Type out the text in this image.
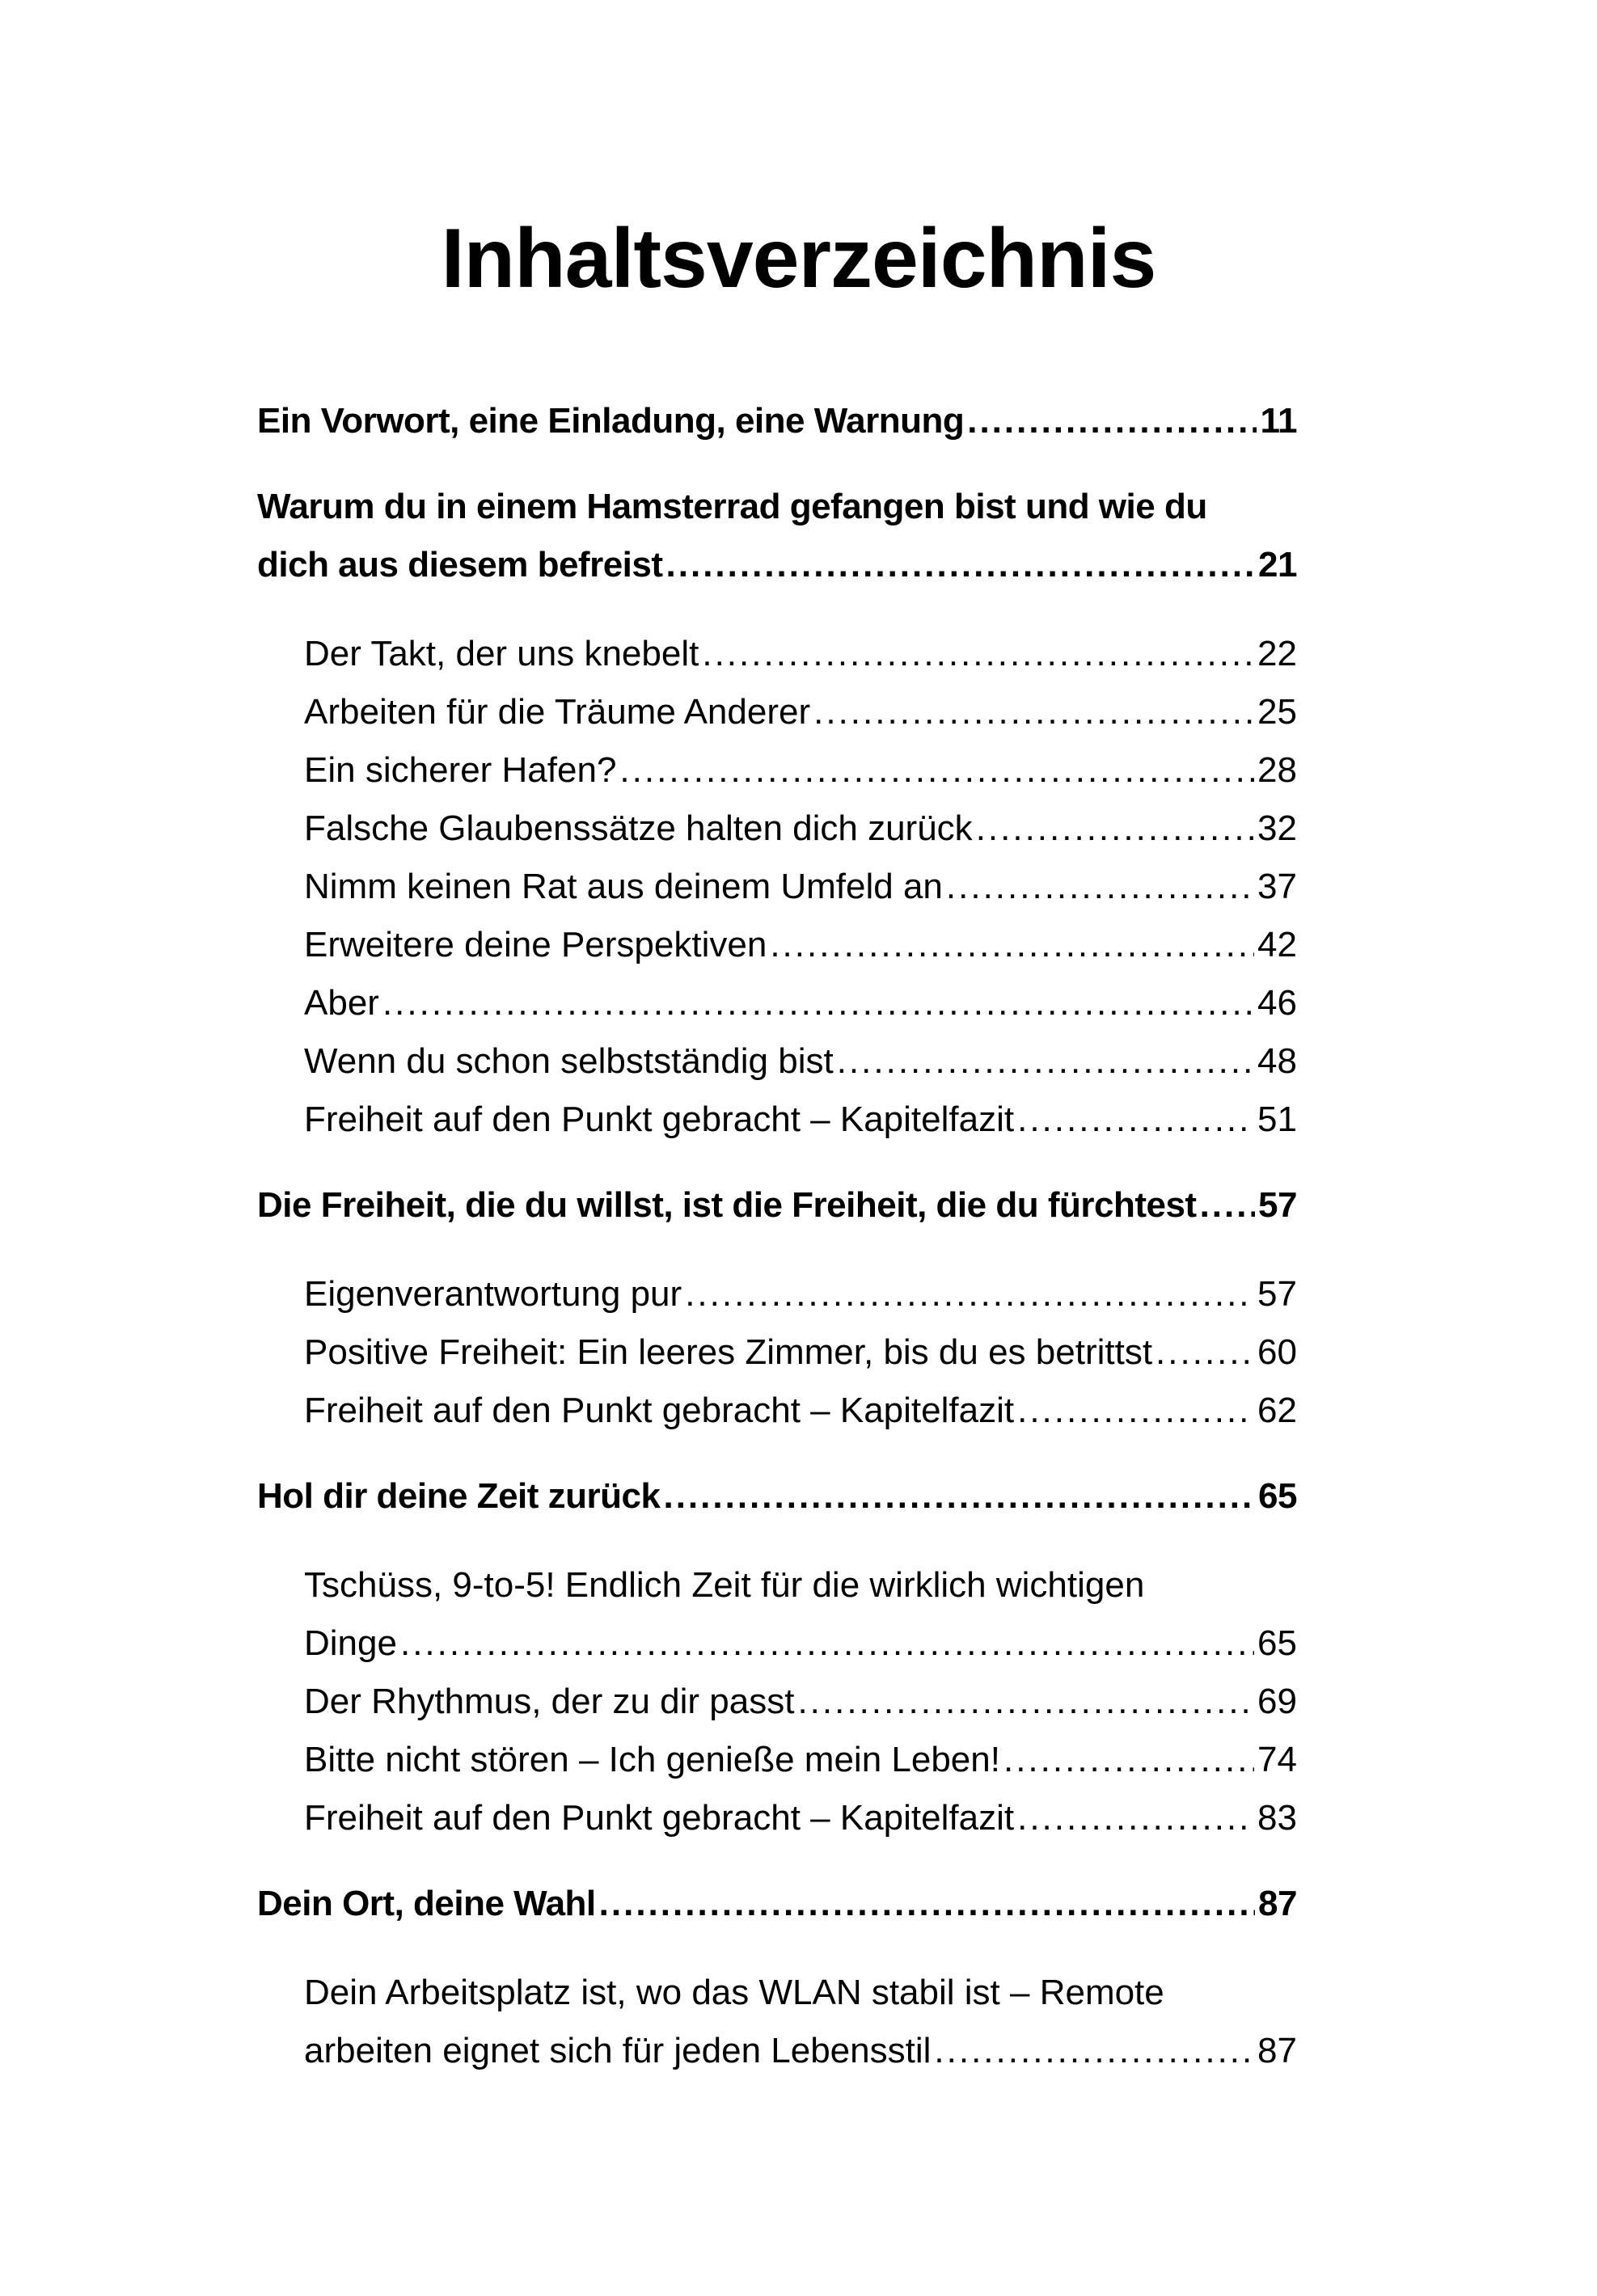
Inhaltsverzeichnis
Ein Vorwort, eine Einladung, eine Warnung .....	11
Warum du in einem Hamsterrad gefangen bist und wie du
dich aus diesem befreist .....	21
Der Takt, der uns knebelt .....	22
Arbeiten für die Träume Anderer .....	25
Ein sicherer Hafen? .....	28
Falsche Glaubenssätze halten dich zurück .....	32
Nimm keinen Rat aus deinem Umfeld an .....	37
Erweitere deine Perspektiven .....	42
Aber .....	46
Wenn du schon selbstständig bist .....	48
Freiheit auf den Punkt gebracht – Kapitelfazit .....	51
Die Freiheit, die du willst, ist die Freiheit, die du fürchtest ..... 57
Eigenverantwortung pur .....	57
Positive Freiheit: Ein leeres Zimmer, bis du es betrittst .....	60
Freiheit auf den Punkt gebracht – Kapitelfazit .....	62
Hol dir deine Zeit zurück .....	65
Tschüss, 9-to-5! Endlich Zeit für die wirklich wichtigen
Dinge .....	65
Der Rhythmus, der zu dir passt .....	69
Bitte nicht stören – Ich genieße mein Leben! .....	74
Freiheit auf den Punkt gebracht – Kapitelfazit .....	83
Dein Ort, deine Wahl .....	87
Dein Arbeitsplatz ist, wo das WLAN stabil ist – Remote
arbeiten eignet sich für jeden Lebensstil .....	87
